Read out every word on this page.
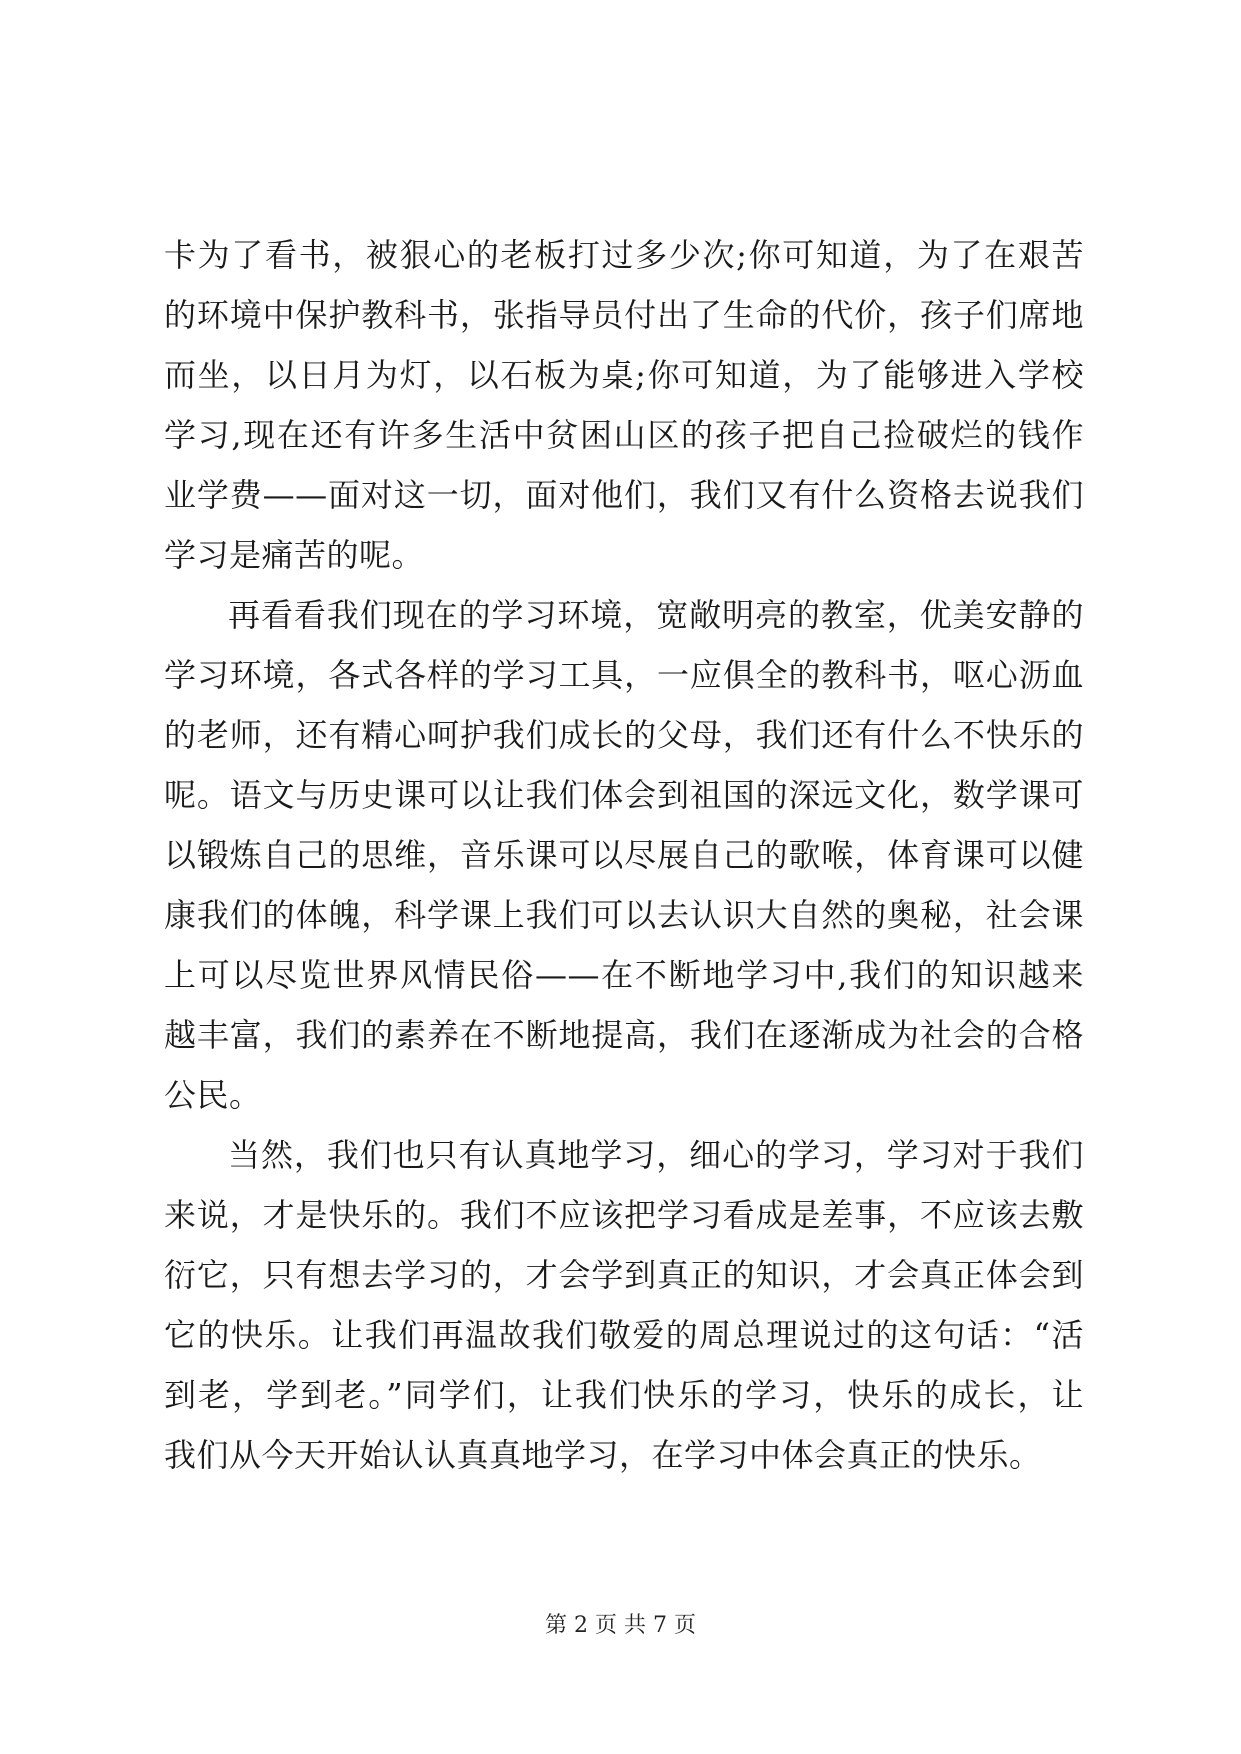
卡为了看书，被狠心的老板打过多少次;你可知道，为了在艰苦
的环境中保护教科书，张指导员付出了生命的代价，孩子们席地
而坐，以日月为灯，以石板为桌;你可知道，为了能够进入学校
学习,现在还有许多生活中贫困山区的孩子把自己捡破烂的钱作
业学费——面对这一切，面对他们，我们又有什么资格去说我们
学习是痛苦的呢。
再看看我们现在的学习环境，宽敞明亮的教室，优美安静的
学习环境，各式各样的学习工具，一应俱全的教科书，呕心沥血
的老师，还有精心呵护我们成长的父母，我们还有什么不快乐的
呢。语文与历史课可以让我们体会到祖国的深远文化，数学课可
以锻炼自己的思维，音乐课可以尽展自己的歌喉，体育课可以健
康我们的体魄，科学课上我们可以去认识大自然的奥秘，社会课
上可以尽览世界风情民俗——在不断地学习中,我们的知识越来
越丰富，我们的素养在不断地提高，我们在逐渐成为社会的合格
公民。
当然，我们也只有认真地学习，细心的学习，学习对于我们
来说，才是快乐的。我们不应该把学习看成是差事，不应该去敷
衍它，只有想去学习的，才会学到真正的知识，才会真正体会到
它的快乐。让我们再温故我们敬爱的周总理说过的这句话：“活
到老，学到老。”同学们，让我们快乐的学习，快乐的成长，让
我们从今天开始认认真真地学习，在学习中体会真正的快乐。
第 2 页 共 7 页
